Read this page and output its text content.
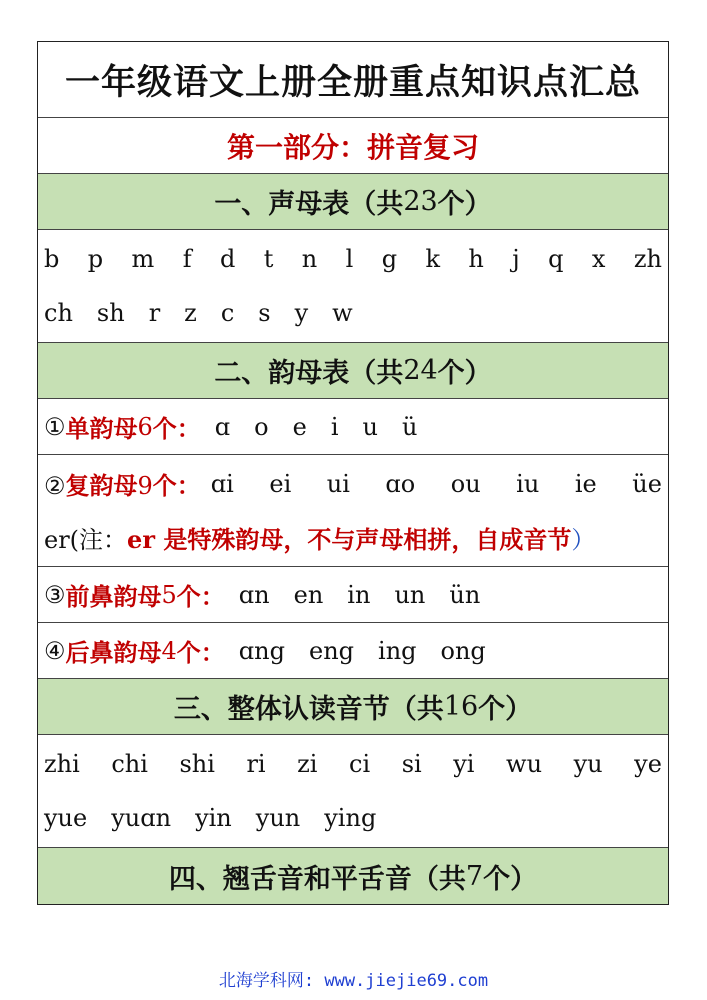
一年级语文上册全册重点知识点汇总
第一部分：拼音复习
一、声母表（共 23 个）
b p m f d t n l g k h j q x zh
ch sh r z c s y w
二、韵母表（共 24 个）
① 单韵母 6 个： ɑ o e i u ü
②复韵母9个： ɑi ei ui ɑo ou iu ie üe
er(注： er 是特殊韵母，不与声母相拼，自成音节 ）
③ 前鼻韵母 5 个： ɑn en in un ün
④ 后鼻韵母 4 个： ɑng eng ing ong
三、整体认读音节（共 16 个）
zhi chi shi ri zi ci si yi wu yu ye
yue yuɑn yin yun ying
四、翘舌音和平舌音（共 7 个）
北海学科网: www.jiejie69.com
